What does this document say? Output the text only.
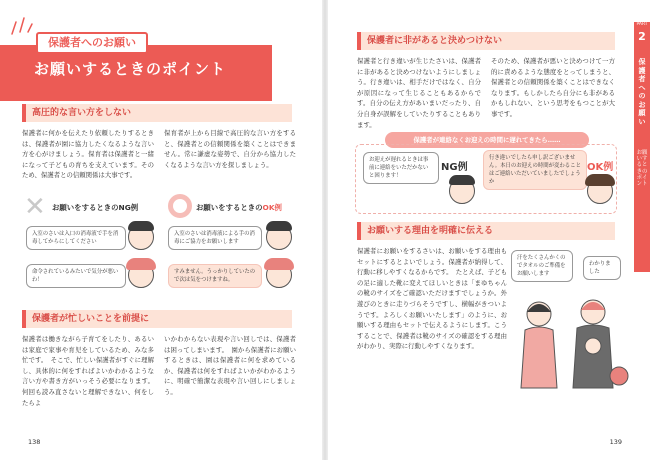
保護者へのお願い
お願いするときのポイント
高圧的な言い方をしない
保護者に何かを伝えたり依頼したりするときは、保護者が園に協力したくなるような言い方を心がけましょう。保育者は保護者と一緒になって子どもの育ちを支えています。そのため、保護者との信頼関係は大事です。
保育者が上から目線で高圧的な言い方をすると、保護者との信頼関係を築くことはできません。常に謙虚な姿勢で、自分から協力したくなるような言い方を探しましょう。
✕ お願いをするときのNG例
入室のさいは入口の消毒液で手を消毒してからにしてください
命令されているみたいで気分が悪いわ！
お願いをするときのOK例
入室のさいは消毒液による手の消毒にご協力をお願いします
すみません。うっかりしていたので次は気をつけますね。
保護者が忙しいことを前提に
保護者は働きながら子育てをしたり、あるいは家庭で家事や育児をしているため、みな多忙です。　そこで、忙しい保護者がすぐに理解し、具体的に何をすればよいかわかるような言い方や書き方がいっそう必要になります。何回も読み直さないと理解できない、何をしたらよ
いかわからない表現や言い回しでは、保護者は困ってしまいます。　園から保護者にお願いするときは、園は保護者に何を求めているか、保護者は何をすればよいかがわかるように、明確で簡潔な表現や言い回しにしましょう。
138
保護者に非があると決めつけない
保護者と行き違いが生じたさいは、保護者に非があると決めつけないようにしましょう。行き違いは、相手だけではなく、自分が原因になって生じることもあるからです。自分の伝え方があいまいだったり、自分自身が誤解をしていたりすることもあります。
そのため、保護者が悪いと決めつけて一方的に責めるような態度をとってしまうと、保護者との信頼関係を築くことはできなくなります。もしかしたら自分にも非があるかもしれない、という思考をもつことが大事です。
保護者が連絡なくお迎えの時間に遅れてきたら……
お迎えが遅れるときは事前に連絡をいただかないと困ります！
NG例
行き違いでしたら申し訳ございません。本日のお迎えの時間が変わることはご連絡いただいていましたでしょうか
OK例
お願いする理由を明確に伝える
保護者にお願いをするさいは、お願いをする理由もセットにするとよいでしょう。保護者が納得して、行動に移しやすくなるからです。　たとえば、子どもの足に適した靴に変えてほしいときは「まゆちゃんの靴のサイズをご確認いただけますでしょうか。外遊びのときに走りづらそうですし、横幅がきついようです。よろしくお願いいたします」のように、お願いする理由もセットで伝えるようにします。こうすることで、保護者は靴のサイズの確認をする理由がわかり、実際に行動しやすくなります。
汗をたくさんかくのでタオルのご準備をお願いします
わかりました
PART
2
保護者へのお願い
お願いするときのポイント
139
